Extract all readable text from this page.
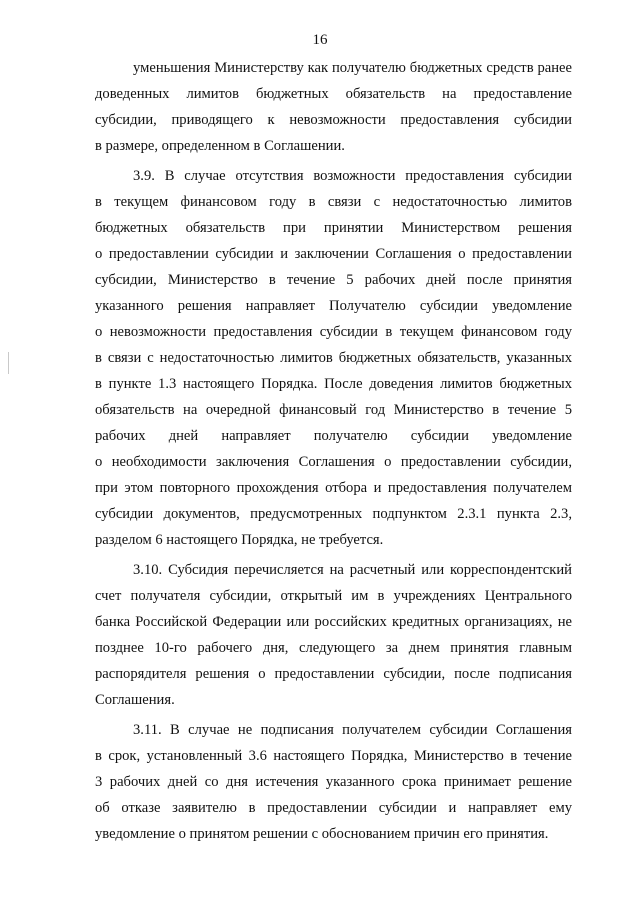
16
уменьшения Министерству как получателю бюджетных средств ранее
доведенных лимитов бюджетных обязательств на предоставление
субсидии, приводящего к невозможности предоставления субсидии
в размере, определенном в Соглашении.
3.9. В случае отсутствия возможности предоставления субсидии
в текущем финансовом году в связи с недостаточностью лимитов
бюджетных обязательств при принятии Министерством решения
о предоставлении субсидии и заключении Соглашения о предоставлении
субсидии, Министерство в течение 5 рабочих дней после принятия
указанного решения направляет Получателю субсидии уведомление
о невозможности предоставления субсидии в текущем финансовом году
в связи с недостаточностью лимитов бюджетных обязательств, указанных
в пункте 1.3 настоящего Порядка. После доведения лимитов бюджетных
обязательств на очередной финансовый год Министерство в течение 5
рабочих дней направляет получателю субсидии уведомление
о необходимости заключения Соглашения о предоставлении субсидии,
при этом повторного прохождения отбора и предоставления получателем
субсидии документов, предусмотренных подпунктом 2.3.1 пункта 2.3,
разделом 6 настоящего Порядка, не требуется.
3.10. Субсидия перечисляется на расчетный или корреспондентский
счет получателя субсидии, открытый им в учреждениях Центрального
банка Российской Федерации или российских кредитных организациях, не
позднее 10-го рабочего дня, следующего за днем принятия главным
распорядителя решения о предоставлении субсидии, после подписания
Соглашения.
3.11. В случае не подписания получателем субсидии Соглашения
в срок, установленный 3.6 настоящего Порядка, Министерство в течение
3 рабочих дней со дня истечения указанного срока принимает решение
об отказе заявителю в предоставлении субсидии и направляет ему
уведомление о принятом решении с обоснованием причин его принятия.
